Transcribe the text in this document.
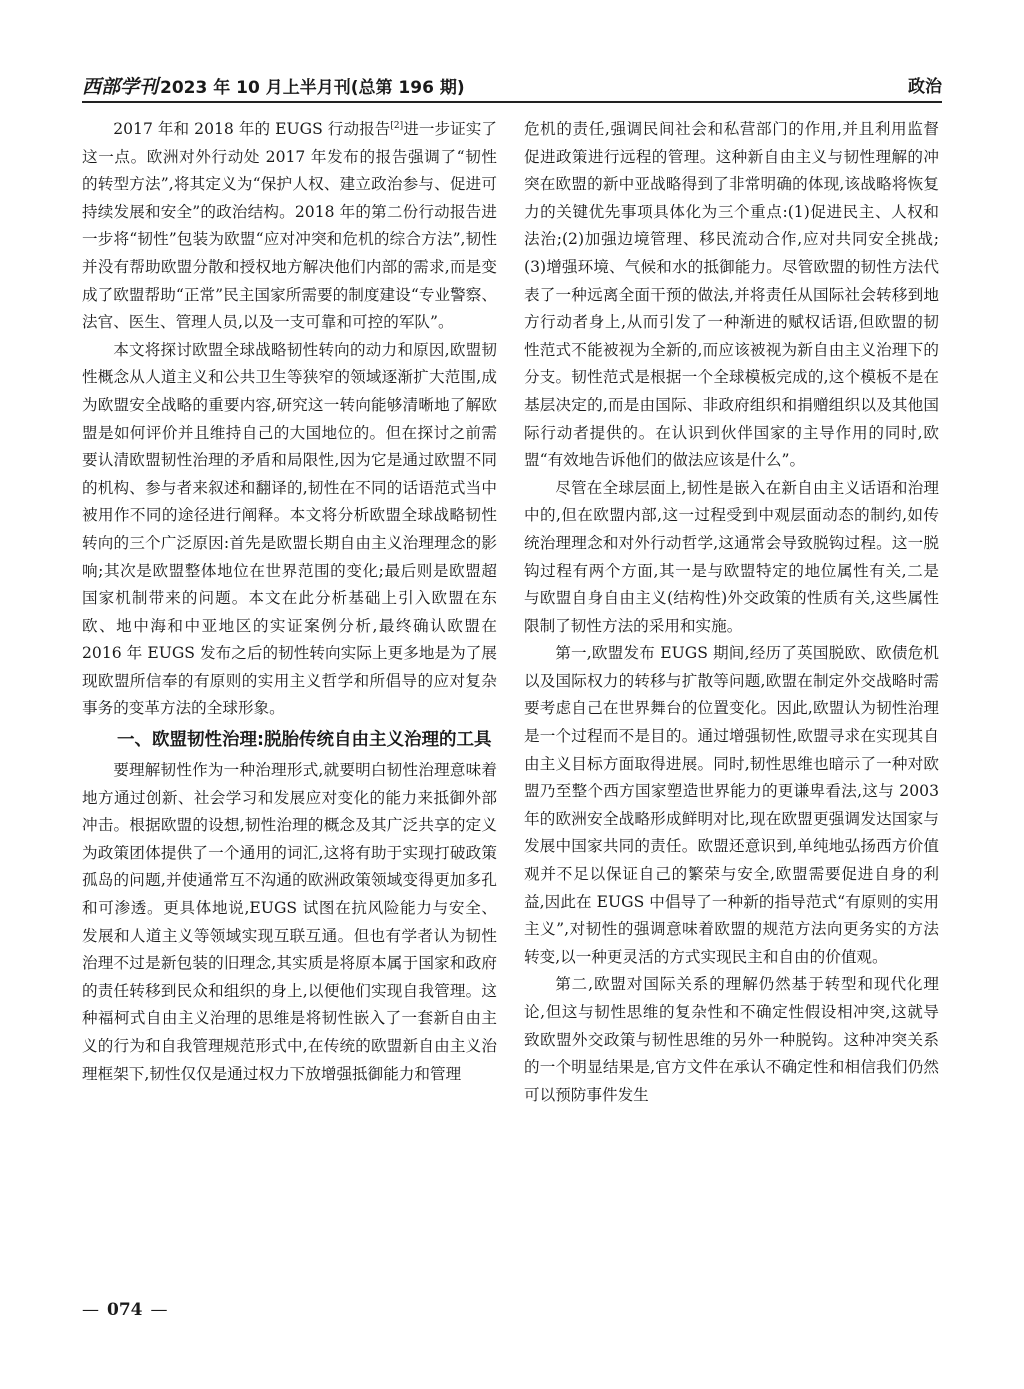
西部学刊 2023 年 10 月上半月刊(总第 196 期)	政治

2017 年和 2018 年的 EUGS 行动报告[2]进一步证实了这一点。欧洲对外行动处 2017 年发布的报告强调了“韧性的转型方法”,将其定义为“保护人权、建立政治参与、促进可持续发展和安全”的政治结构。2018 年的第二份行动报告进一步将“韧性”包装为欧盟“应对冲突和危机的综合方法”,韧性并没有帮助欧盟分散和授权地方解决他们内部的需求,而是变成了欧盟帮助“正常”民主国家所需要的制度建设“专业警察、法官、医生、管理人员,以及一支可靠和可控的军队”。

本文将探讨欧盟全球战略韧性转向的动力和原因,欧盟韧性概念从人道主义和公共卫生等狭窄的领域逐渐扩大范围,成为欧盟安全战略的重要内容,研究这一转向能够清晰地了解欧盟是如何评价并且维持自己的大国地位的。但在探讨之前需要认清欧盟韧性治理的矛盾和局限性,因为它是通过欧盟不同的机构、参与者来叙述和翻译的,韧性在不同的话语范式当中被用作不同的途径进行阐释。本文将分析欧盟全球战略韧性转向的三个广泛原因:首先是欧盟长期自由主义治理理念的影响;其次是欧盟整体地位在世界范围的变化;最后则是欧盟超国家机制带来的问题。本文在此分析基础上引入欧盟在东欧、地中海和中亚地区的实证案例分析,最终确认欧盟在 2016 年 EUGS 发布之后的韧性转向实际上更多地是为了展现欧盟所信奉的有原则的实用主义哲学和所倡导的应对复杂事务的变革方法的全球形象。

一、欧盟韧性治理:脱胎传统自由主义治理的工具

要理解韧性作为一种治理形式,就要明白韧性治理意味着地方通过创新、社会学习和发展应对变化的能力来抵御外部冲击。根据欧盟的设想,韧性治理的概念及其广泛共享的定义为政策团体提供了一个通用的词汇,这将有助于实现打破政策孤岛的问题,并使通常互不沟通的欧洲政策领域变得更加多孔和可渗透。更具体地说,EUGS 试图在抗风险能力与安全、发展和人道主义等领域实现互联互通。但也有学者认为韧性治理不过是新包装的旧理念,其实质是将原本属于国家和政府的责任转移到民众和组织的身上,以便他们实现自我管理。这种福柯式自由主义治理的思维是将韧性嵌入了一套新自由主义的行为和自我管理规范形式中,在传统的欧盟新自由主义治理框架下,韧性仅仅是通过权力下放增强抵御能力和管理

危机的责任,强调民间社会和私营部门的作用,并且利用监督促进政策进行远程的管理。这种新自由主义与韧性理解的冲突在欧盟的新中亚战略得到了非常明确的体现,该战略将恢复力的关键优先事项具体化为三个重点:(1)促进民主、人权和法治;(2)加强边境管理、移民流动合作,应对共同安全挑战;(3)增强环境、气候和水的抵御能力。尽管欧盟的韧性方法代表了一种远离全面干预的做法,并将责任从国际社会转移到地方行动者身上,从而引发了一种渐进的赋权话语,但欧盟的韧性范式不能被视为全新的,而应该被视为新自由主义治理下的分支。韧性范式是根据一个全球模板完成的,这个模板不是在基层决定的,而是由国际、非政府组织和捐赠组织以及其他国际行动者提供的。在认识到伙伴国家的主导作用的同时,欧盟“有效地告诉他们的做法应该是什么”。

尽管在全球层面上,韧性是嵌入在新自由主义话语和治理中的,但在欧盟内部,这一过程受到中观层面动态的制约,如传统治理理念和对外行动哲学,这通常会导致脱钩过程。这一脱钩过程有两个方面,其一是与欧盟特定的地位属性有关,二是与欧盟自身自由主义(结构性)外交政策的性质有关,这些属性限制了韧性方法的采用和实施。

第一,欧盟发布 EUGS 期间,经历了英国脱欧、欧债危机以及国际权力的转移与扩散等问题,欧盟在制定外交战略时需要考虑自己在世界舞台的位置变化。因此,欧盟认为韧性治理是一个过程而不是目的。通过增强韧性,欧盟寻求在实现其自由主义目标方面取得进展。同时,韧性思维也暗示了一种对欧盟乃至整个西方国家塑造世界能力的更谦卑看法,这与 2003 年的欧洲安全战略形成鲜明对比,现在欧盟更强调发达国家与发展中国家共同的责任。欧盟还意识到,单纯地弘扬西方价值观并不足以保证自己的繁荣与安全,欧盟需要促进自身的利益,因此在 EUGS 中倡导了一种新的指导范式“有原则的实用主义”,对韧性的强调意味着欧盟的规范方法向更务实的方法转变,以一种更灵活的方式实现民主和自由的价值观。

第二,欧盟对国际关系的理解仍然基于转型和现代化理论,但这与韧性思维的复杂性和不确定性假设相冲突,这就导致欧盟外交政策与韧性思维的另外一种脱钩。这种冲突关系的一个明显结果是,官方文件在承认不确定性和相信我们仍然可以预防事件发生

— 074 —
